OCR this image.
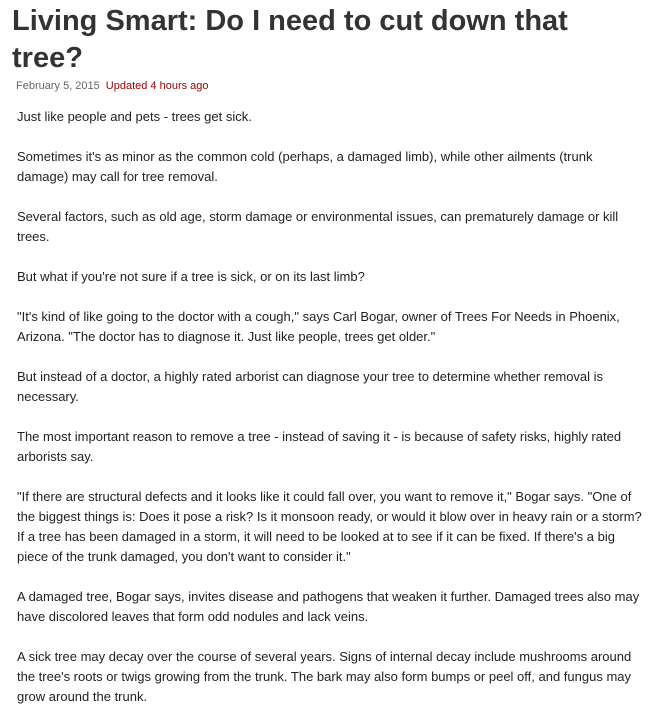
Living Smart: Do I need to cut down that tree?
February 5, 2015 Updated 4 hours ago

Just like people and pets - trees get sick.

Sometimes it's as minor as the common cold (perhaps, a damaged limb), while other ailments (trunk damage) may call for tree removal.

Several factors, such as old age, storm damage or environmental issues, can prematurely damage or kill trees.

But what if you're not sure if a tree is sick, or on its last limb?

"It's kind of like going to the doctor with a cough," says Carl Bogar, owner of Trees For Needs in Phoenix, Arizona. "The doctor has to diagnose it. Just like people, trees get older."

But instead of a doctor, a highly rated arborist can diagnose your tree to determine whether removal is necessary.

The most important reason to remove a tree - instead of saving it - is because of safety risks, highly rated arborists say.

"If there are structural defects and it looks like it could fall over, you want to remove it," Bogar says. "One of the biggest things is: Does it pose a risk? Is it monsoon ready, or would it blow over in heavy rain or a storm? If a tree has been damaged in a storm, it will need to be looked at to see if it can be fixed. If there's a big piece of the trunk damaged, you don't want to consider it."

A damaged tree, Bogar says, invites disease and pathogens that weaken it further. Damaged trees also may have discolored leaves that form odd nodules and lack veins.

A sick tree may decay over the course of several years. Signs of internal decay include mushrooms around the tree's roots or twigs growing from the trunk. The bark may also form bumps or peel off, and fungus may grow around the trunk.
